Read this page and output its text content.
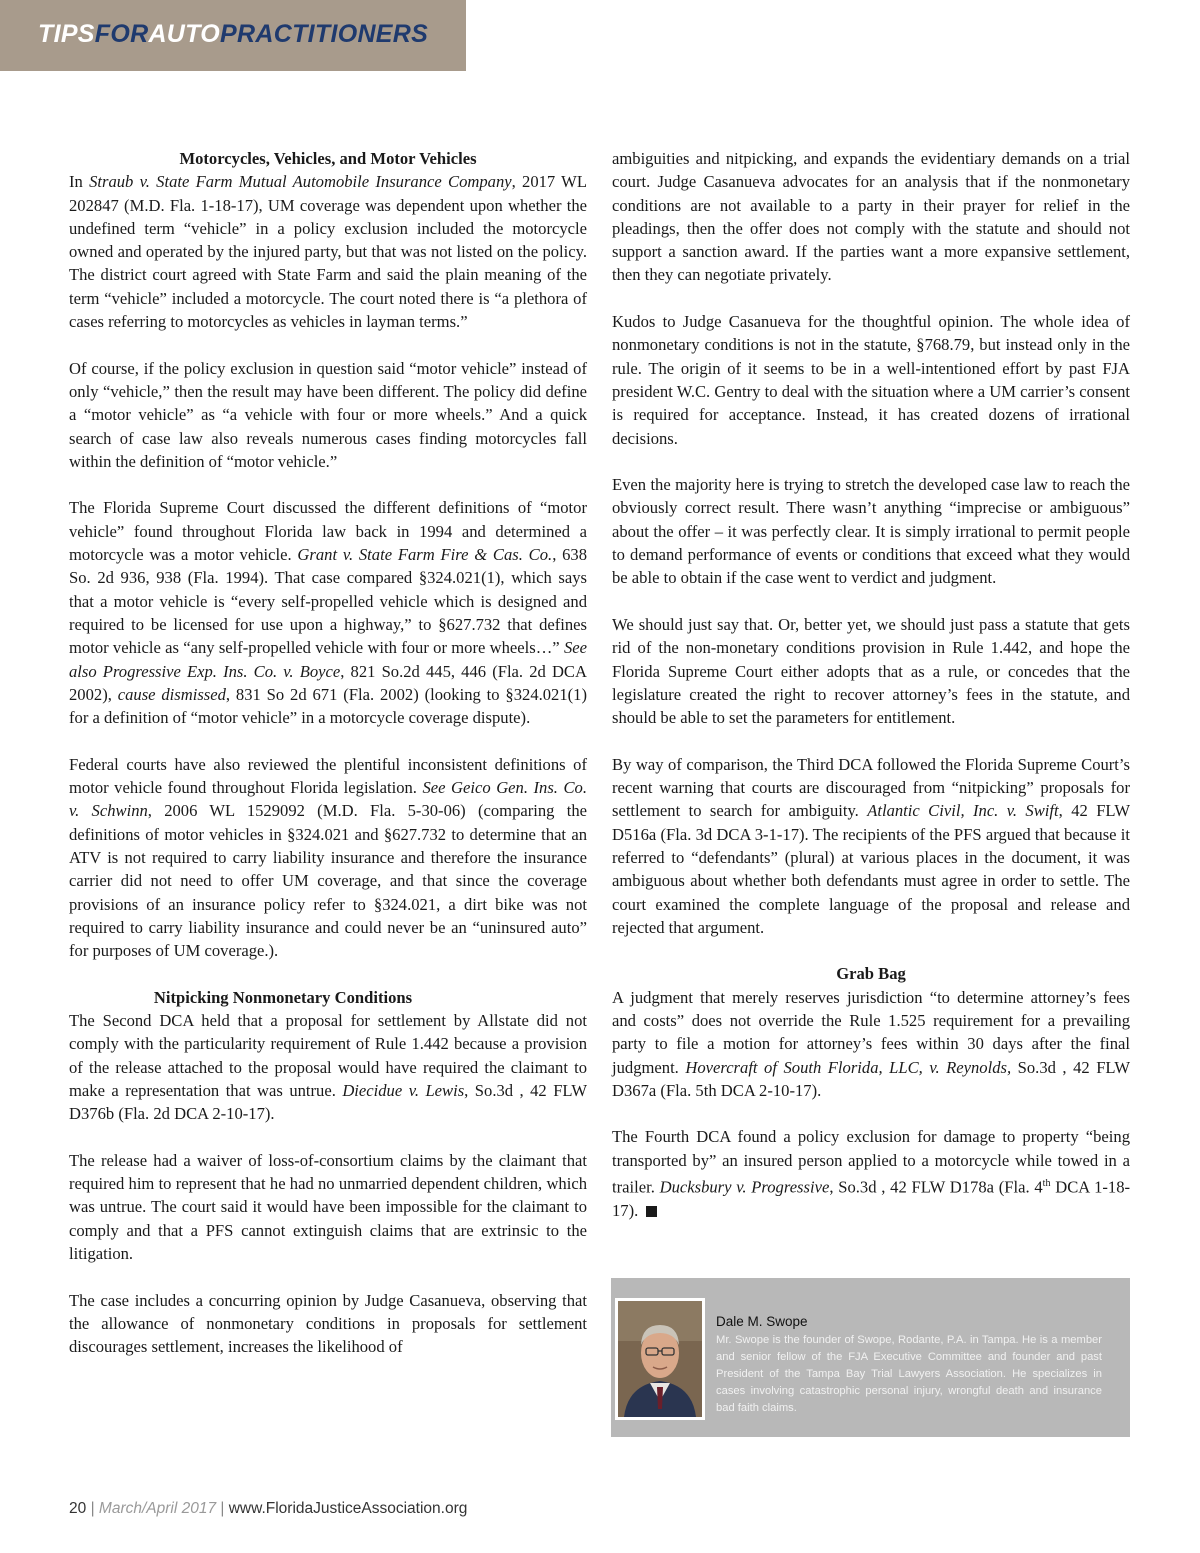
TIPSFORAUTOPRACTITIONERS
Motorcycles, Vehicles, and Motor Vehicles

In Straub v. State Farm Mutual Automobile Insurance Company, 2017 WL 202847 (M.D. Fla. 1-18-17), UM coverage was dependent upon whether the undefined term “vehicle” in a policy exclusion included the motorcycle owned and operated by the injured party, but that was not listed on the policy. The district court agreed with State Farm and said the plain meaning of the term “vehicle” included a motorcycle. The court noted there is “a plethora of cases referring to motorcycles as vehicles in layman terms.”

Of course, if the policy exclusion in question said “motor vehicle” instead of only “vehicle,” then the result may have been different. The policy did define a “motor vehicle” as “a vehicle with four or more wheels.” And a quick search of case law also reveals numerous cases finding motorcycles fall within the definition of “motor vehicle.”

The Florida Supreme Court discussed the different definitions of “motor vehicle” found throughout Florida law back in 1994 and determined a motorcycle was a motor vehicle. Grant v. State Farm Fire & Cas. Co., 638 So. 2d 936, 938 (Fla. 1994). That case compared §324.021(1), which says that a motor vehicle is “every self-propelled vehicle which is designed and required to be licensed for use upon a highway,” to §627.732 that defines motor vehicle as “any self-propelled vehicle with four or more wheels…” See also Progressive Exp. Ins. Co. v. Boyce, 821 So.2d 445, 446 (Fla. 2d DCA 2002), cause dismissed, 831 So 2d 671 (Fla. 2002) (looking to §324.021(1) for a definition of “motor vehicle” in a motorcycle coverage dispute).

Federal courts have also reviewed the plentiful inconsistent definitions of motor vehicle found throughout Florida legislation. See Geico Gen. Ins. Co. v. Schwinn, 2006 WL 1529092 (M.D. Fla. 5-30-06) (comparing the definitions of motor vehicles in §324.021 and §627.732 to determine that an ATV is not required to carry liability insurance and therefore the insurance carrier did not need to offer UM coverage, and that since the coverage provisions of an insurance policy refer to §324.021, a dirt bike was not required to carry liability insurance and could never be an “uninsured auto” for purposes of UM coverage.).

Nitpicking Nonmonetary Conditions

The Second DCA held that a proposal for settlement by Allstate did not comply with the particularity requirement of Rule 1.442 because a provision of the release attached to the proposal would have required the claimant to make a representation that was untrue. Diecidue v. Lewis, So.3d , 42 FLW D376b (Fla. 2d DCA 2-10-17).

The release had a waiver of loss-of-consortium claims by the claimant that required him to represent that he had no unmarried dependent children, which was untrue. The court said it would have been impossible for the claimant to comply and that a PFS cannot extinguish claims that are extrinsic to the litigation.

The case includes a concurring opinion by Judge Casanueva, observing that the allowance of nonmonetary conditions in proposals for settlement discourages settlement, increases the likelihood of

ambiguities and nitpicking, and expands the evidentiary demands on a trial court. Judge Casanueva advocates for an analysis that if the nonmonetary conditions are not available to a party in their prayer for relief in the pleadings, then the offer does not comply with the statute and should not support a sanction award. If the parties want a more expansive settlement, then they can negotiate privately.

Kudos to Judge Casanueva for the thoughtful opinion. The whole idea of nonmonetary conditions is not in the statute, §768.79, but instead only in the rule. The origin of it seems to be in a well-intentioned effort by past FJA president W.C. Gentry to deal with the situation where a UM carrier’s consent is required for acceptance. Instead, it has created dozens of irrational decisions.

Even the majority here is trying to stretch the developed case law to reach the obviously correct result. There wasn’t anything “imprecise or ambiguous” about the offer – it was perfectly clear. It is simply irrational to permit people to demand performance of events or conditions that exceed what they would be able to obtain if the case went to verdict and judgment.

We should just say that. Or, better yet, we should just pass a statute that gets rid of the non-monetary conditions provision in Rule 1.442, and hope the Florida Supreme Court either adopts that as a rule, or concedes that the legislature created the right to recover attorney’s fees in the statute, and should be able to set the parameters for entitlement.

By way of comparison, the Third DCA followed the Florida Supreme Court’s recent warning that courts are discouraged from “nitpicking” proposals for settlement to search for ambiguity. Atlantic Civil, Inc. v. Swift, 42 FLW D516a (Fla. 3d DCA 3-1-17). The recipients of the PFS argued that because it referred to “defendants” (plural) at various places in the document, it was ambiguous about whether both defendants must agree in order to settle. The court examined the complete language of the proposal and release and rejected that argument.

Grab Bag

A judgment that merely reserves jurisdiction “to determine attorney’s fees and costs” does not override the Rule 1.525 requirement for a prevailing party to file a motion for attorney’s fees within 30 days after the final judgment. Hovercraft of South Florida, LLC, v. Reynolds, So.3d , 42 FLW D367a (Fla. 5th DCA 2-10-17).

The Fourth DCA found a policy exclusion for damage to property “being transported by” an insured person applied to a motorcycle while towed in a trailer. Ducksbury v. Progressive, So.3d , 42 FLW D178a (Fla. 4th DCA 1-18-17).

Dale M. Swope
Mr. Swope is the founder of Swope, Rodante, P.A. in Tampa. He is a member and senior fellow of the FJA Executive Committee and founder and past President of the Tampa Bay Trial Lawyers Association. He specializes in cases involving catastrophic personal injury, wrongful death and insurance bad faith claims.
20 | March/April 2017 | www.FloridaJusticeAssociation.org
